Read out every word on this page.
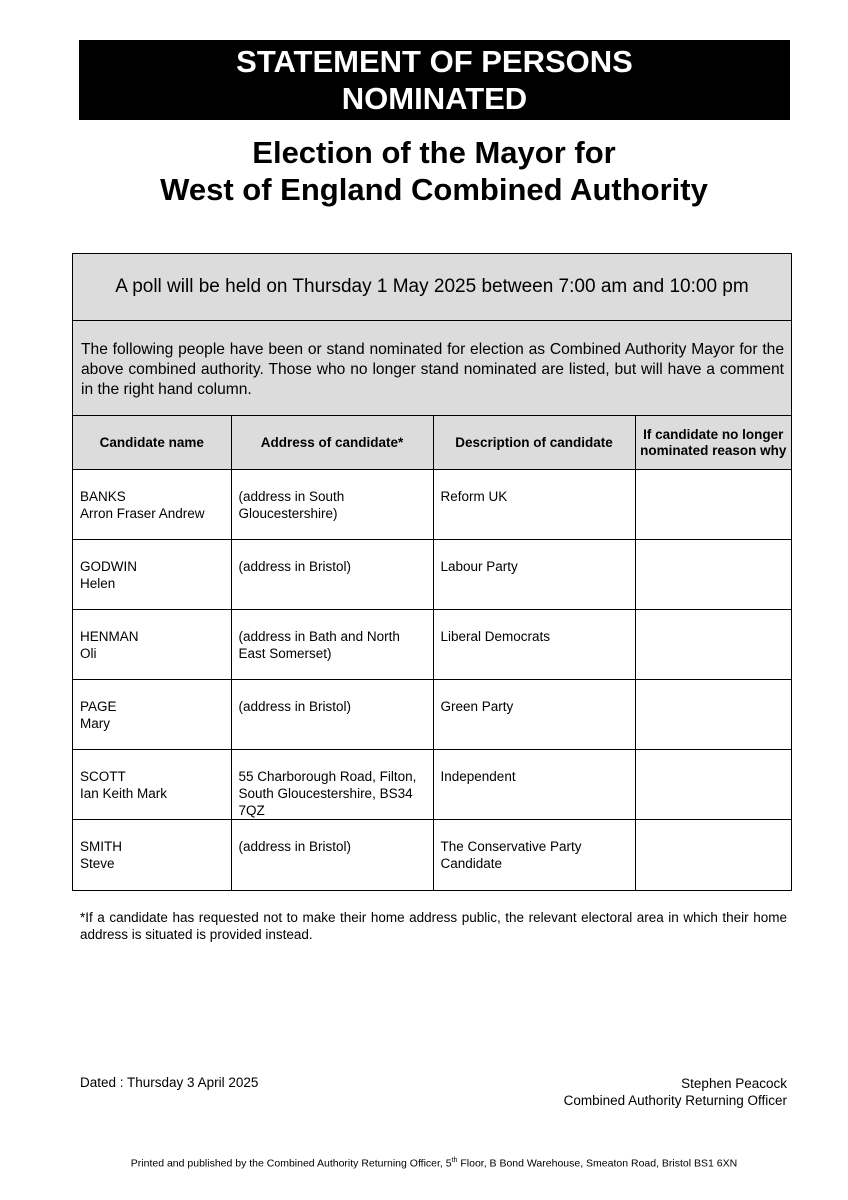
STATEMENT OF PERSONS
NOMINATED
Election of the Mayor for
West of England Combined Authority
A poll will be held on Thursday 1 May 2025 between 7:00 am and 10:00 pm
The following people have been or stand nominated for election as Combined Authority Mayor for the above combined authority. Those who no longer stand nominated are listed, but will have a comment in the right hand column.
Candidate name	Address of candidate*	Description of candidate	If candidate no longer nominated reason why

BANKS
Arron Fraser Andrew	(address in South Gloucestershire)	Reform UK	

GODWIN
Helen	(address in Bristol)	Labour Party	

HENMAN
Oli	(address in Bath and North East Somerset)	Liberal Democrats	

PAGE
Mary	(address in Bristol)	Green Party	

SCOTT
Ian Keith Mark	55 Charborough Road, Filton, South Gloucestershire, BS34 7QZ	Independent	

SMITH
Steve	(address in Bristol)	The Conservative Party Candidate	
*If a candidate has requested not to make their home address public, the relevant electoral area in which their home address is situated is provided instead.
Dated : Thursday 3 April 2025	Stephen Peacock
Combined Authority Returning Officer
Printed and published by the Combined Authority Returning Officer, 5th Floor, B Bond Warehouse, Smeaton Road, Bristol BS1 6XN
